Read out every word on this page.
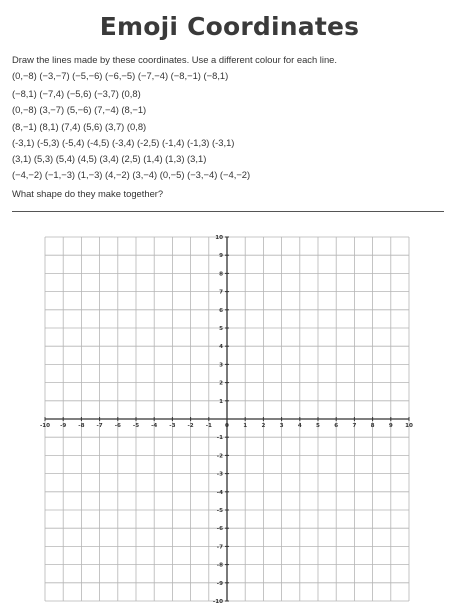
Emoji Coordinates
Draw the lines made by these coordinates. Use a different colour for each line.
(0,−8) (−3,−7) (−5,−6) (−6,−5) (−7,−4) (−8,−1) (−8,1)
(−8,1) (−7,4) (−5,6) (−3,7) (0,8)
(0,−8) (3,−7) (5,−6) (7,−4) (8,−1)
(8,−1) (8,1) (7,4) (5,6) (3,7) (0,8)
(-3,1) (-5,3) (-5,4) (-4,5) (-3,4) (-2,5) (-1,4) (-1,3) (-3,1)
(3,1) (5,3) (5,4) (4,5) (3,4) (2,5) (1,4) (1,3) (3,1)
(−4,−2) (−1,−3) (1,−3) (4,−2) (3,−4) (0,−5) (−3,−4) (−4,−2)
What shape do they make together?
-10 -9 -8 -7 -6 -5 -4 -3 -2 -1 0	1	2	3	4	5	6	7	8	9 10
10
9
8
7
6
5
4
3
2
1
-1
-2
-3
-4
-5
-6
-7
-8
-9
-10
